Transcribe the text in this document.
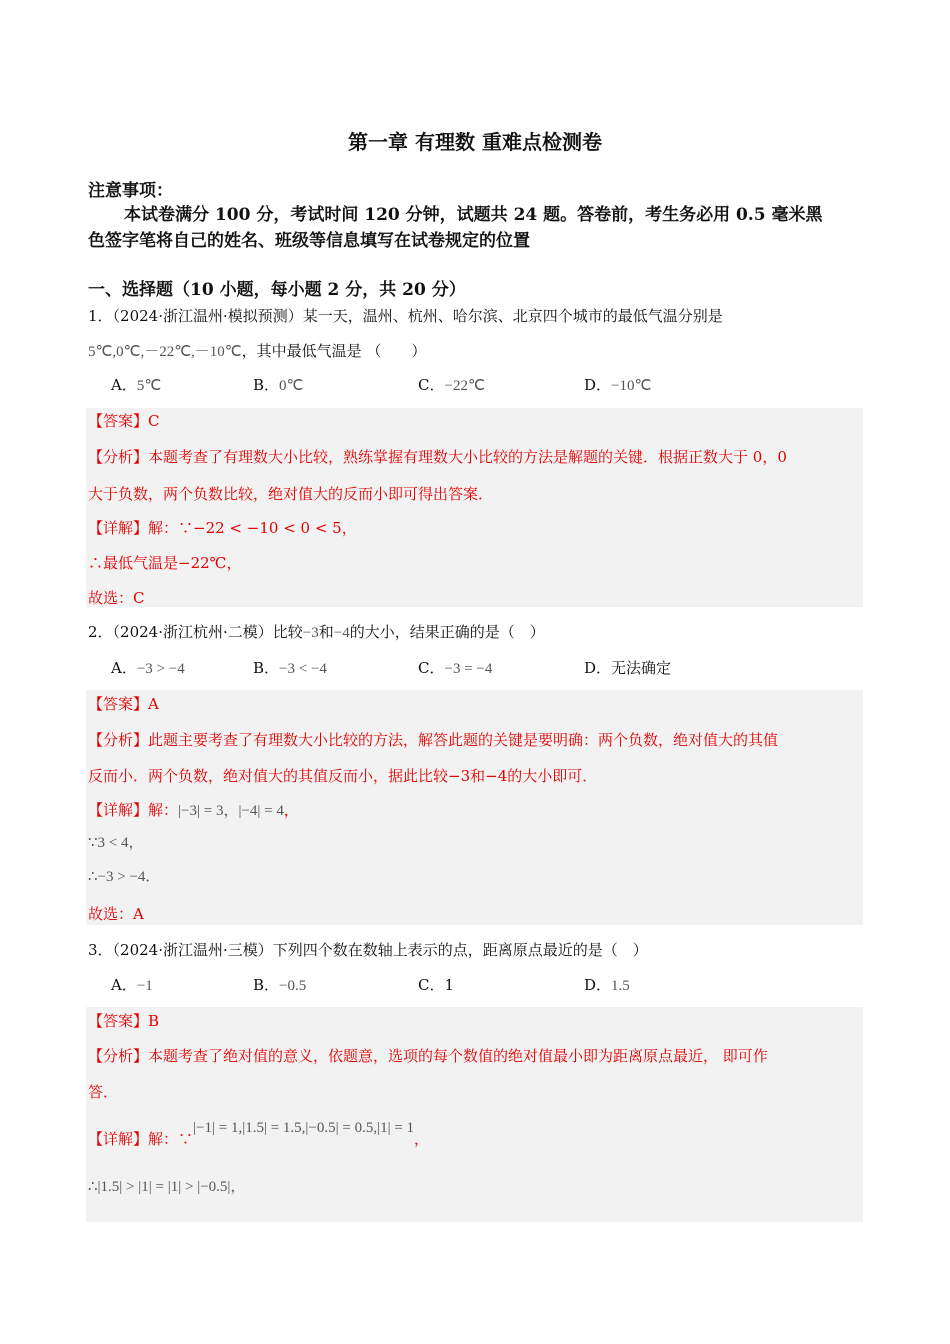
第一章 有理数 重难点检测卷
注意事项：
本试卷满分 100 分，考试时间 120 分钟，试题共 24 题。答卷前，考生务必用 0.5 毫米黑
色签字笔将自己的姓名、班级等信息填写在试卷规定的位置
一、选择题（10 小题，每小题 2 分，共 20 分）
1．（2024·浙江温州·模拟预测）某一天，温州、杭州、哈尔滨、北京四个城市的最低气温分别是
5℃,0℃,－22℃,－10℃，其中最低气温是 （　　）
A．5℃	B．0℃	C．−22℃	D．−10℃
【答案】C
【分析】本题考查了有理数大小比较，熟练掌握有理数大小比较的方法是解题的关键．根据正数大于 0，0
大于负数，两个负数比较，绝对值大的反而小即可得出答案．
【详解】解：∵−22 < −10 < 0 < 5，
∴最低气温是−22℃，
故选：C
2．（2024·浙江杭州·二模）比较−3和−4的大小，结果正确的是（　）
A．−3 > −4	B．−3 < −4	C．−3 = −4	D．无法确定
【答案】A
【分析】此题主要考查了有理数大小比较的方法，解答此题的关键是要明确：两个负数，绝对值大的其值
反而小．两个负数，绝对值大的其值反而小，据此比较−3和−4的大小即可．
【详解】解：|−3| = 3，|−4| = 4，
∵3 < 4，
∴−3 > −4．
故选：A
3．（2024·浙江温州·三模）下列四个数在数轴上表示的点，距离原点最近的是（　）
A．−1	B．−0.5	C．1	D．1.5
【答案】B
【分析】本题考查了绝对值的意义，依题意，选项的每个数值的绝对值最小即为距离原点最近， 即可作
答．
【详解】解：∵|−1| = 1,|1.5| = 1.5,|−0.5| = 0.5,|1| = 1，
∴|1.5| > |1| = |1| > |−0.5|，
